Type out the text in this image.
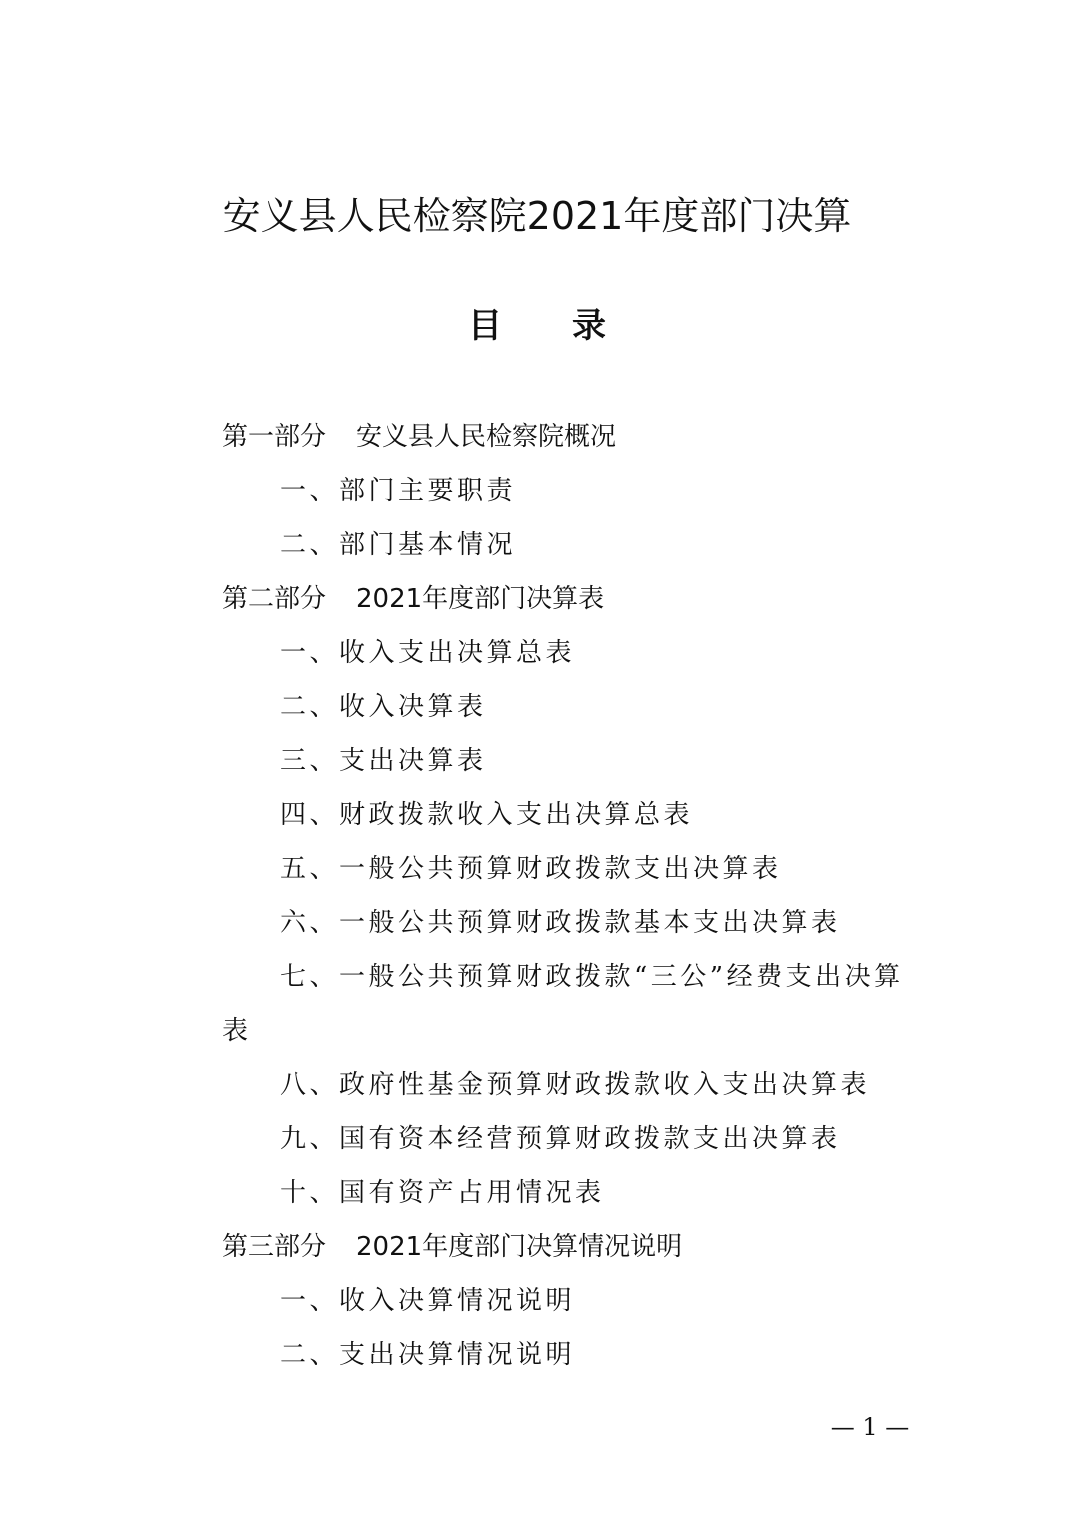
安义县人民检察院2021年度部门决算
目 录
第一部分 安义县人民检察院概况
一、部门主要职责
二、部门基本情况
第二部分 2021年度部门决算表
一、收入支出决算总表
二、收入决算表
三、支出决算表
四、财政拨款收入支出决算总表
五、一般公共预算财政拨款支出决算表
六、一般公共预算财政拨款基本支出决算表
七、一般公共预算财政拨款“三公”经费支出决算表
八、政府性基金预算财政拨款收入支出决算表
九、国有资本经营预算财政拨款支出决算表
十、国有资产占用情况表
第三部分 2021年度部门决算情况说明
一、收入决算情况说明
二、支出决算情况说明
— 1 —
